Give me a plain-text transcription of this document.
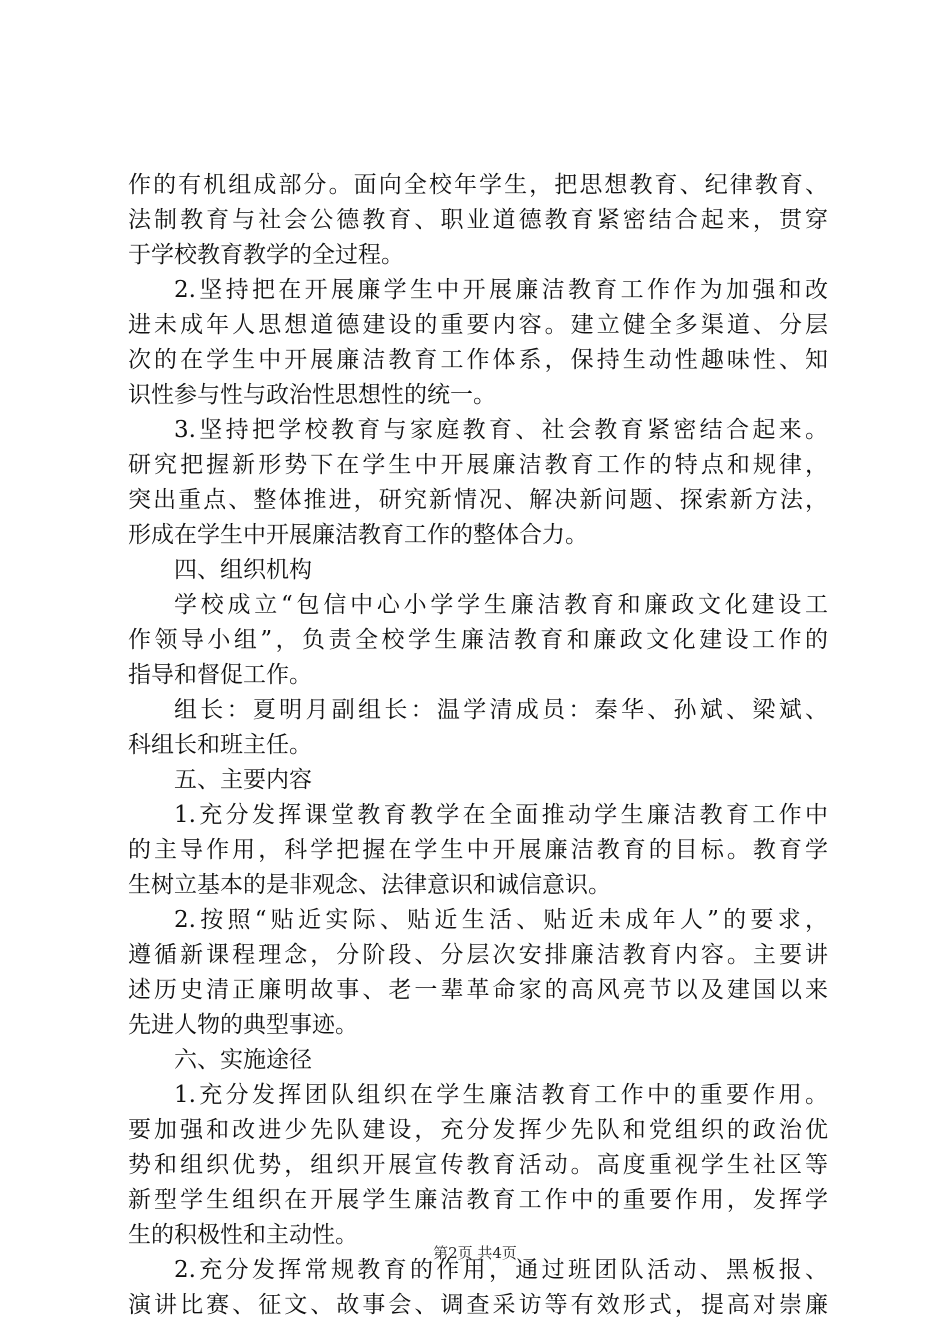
作的有机组成部分。面向全校年学生，把思想教育、纪律教育、
法制教育与社会公德教育、职业道德教育紧密结合起来，贯穿
于学校教育教学的全过程。
2.坚持把在开展廉学生中开展廉洁教育工作作为加强和改
进未成年人思想道德建设的重要内容。建立健全多渠道、分层
次的在学生中开展廉洁教育工作体系，保持生动性趣味性、知
识性参与性与政治性思想性的统一。
3.坚持把学校教育与家庭教育、社会教育紧密结合起来。
研究把握新形势下在学生中开展廉洁教育工作的特点和规律，
突出重点、整体推进，研究新情况、解决新问题、探索新方法，
形成在学生中开展廉洁教育工作的整体合力。
四、组织机构
学校成立“包信中心小学学生廉洁教育和廉政文化建设工
作领导小组”，负责全校学生廉洁教育和廉政文化建设工作的
指导和督促工作。
组长：夏明月副组长：温学清成员：秦华、孙斌、梁斌、
科组长和班主任。
五、主要内容
1.充分发挥课堂教育教学在全面推动学生廉洁教育工作中
的主导作用，科学把握在学生中开展廉洁教育的目标。教育学
生树立基本的是非观念、法律意识和诚信意识。
2.按照“贴近实际、贴近生活、贴近未成年人”的要求，
遵循新课程理念，分阶段、分层次安排廉洁教育内容。主要讲
述历史清正廉明故事、老一辈革命家的高风亮节以及建国以来
先进人物的典型事迹。
六、实施途径
1.充分发挥团队组织在学生廉洁教育工作中的重要作用。
要加强和改进少先队建设，充分发挥少先队和党组织的政治优
势和组织优势，组织开展宣传教育活动。高度重视学生社区等
新型学生组织在开展学生廉洁教育工作中的重要作用，发挥学
生的积极性和主动性。
2.充分发挥常规教育的作用，通过班团队活动、黑板报、
演讲比赛、征文、故事会、调查采访等有效形式，提高对崇廉
第2页 共4页
